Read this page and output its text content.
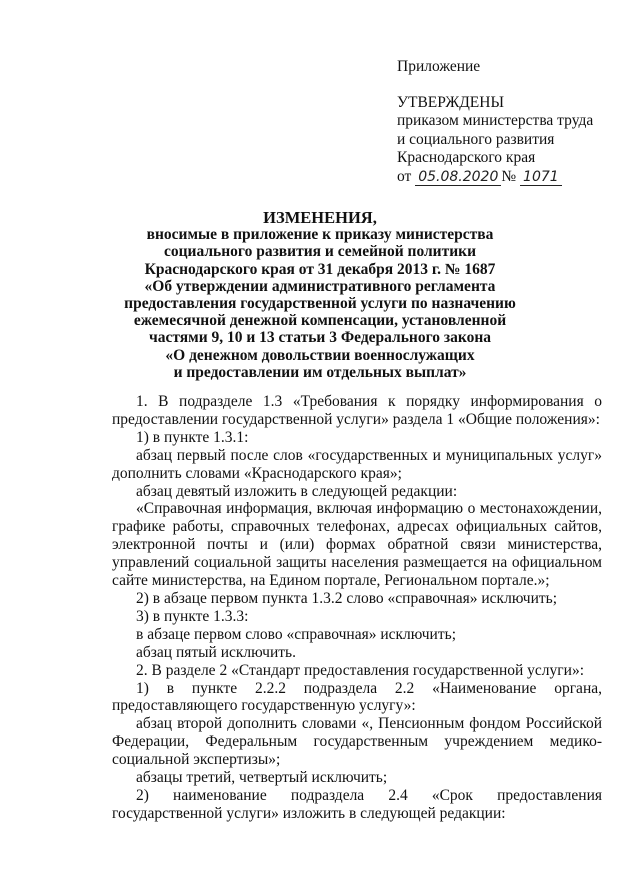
Приложение
УТВЕРЖДЕНЫ
приказом министерства труда
и социального развития
Краснодарского края
от 05.08.2020 № 1071
ИЗМЕНЕНИЯ,
вносимые в приложение к приказу министерства
социального развития и семейной политики
Краснодарского края от 31 декабря 2013 г. № 1687
«Об утверждении административного регламента
предоставления государственной услуги по назначению
ежемесячной денежной компенсации, установленной
частями 9, 10 и 13 статьи 3 Федерального закона
«О денежном довольствии военнослужащих
и предоставлении им отдельных выплат»

1. В подразделе 1.3 «Требования к порядку информирования о предоставлении государственной услуги» раздела 1 «Общие положения»:

1) в пункте 1.3.1:

абзац первый после слов «государственных и муниципальных услуг» дополнить словами «Краснодарского края»;

абзац девятый изложить в следующей редакции:

«Справочная информация, включая информацию о местонахождении, графике работы, справочных телефонах, адресах официальных сайтов, электронной почты и (или) формах обратной связи министерства, управлений социальной защиты населения размещается на официальном сайте министерства, на Едином портале, Региональном портале.»;

2) в абзаце первом пункта 1.3.2 слово «справочная» исключить;

3) в пункте 1.3.3:

в абзаце первом слово «справочная» исключить;

абзац пятый исключить.

2. В разделе 2 «Стандарт предоставления государственной услуги»:

1) в пункте 2.2.2 подраздела 2.2 «Наименование органа, предоставляющего государственную услугу»:

абзац второй дополнить словами «, Пенсионным фондом Российской Федерации, Федеральным государственным учреждением медико-социальной экспертизы»;

абзацы третий, четвертый исключить;

2) наименование подраздела 2.4 «Срок предоставления государственной услуги» изложить в следующей редакции:
